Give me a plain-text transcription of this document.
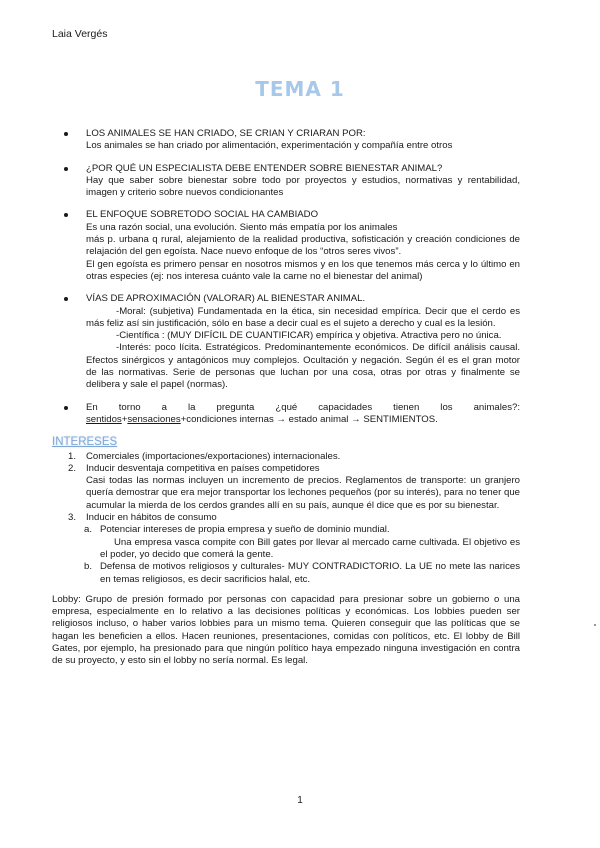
Laia Vergés
TEMA 1
LOS ANIMALES SE HAN CRIADO, SE CRIAN Y CRIARAN POR:
Los animales se han criado por alimentación, experimentación y compañía entre otros
¿POR QUÉ UN ESPECIALISTA DEBE ENTENDER SOBRE BIENESTAR ANIMAL?
Hay que saber sobre bienestar sobre todo por proyectos y estudios, normativas y rentabilidad, imagen y criterio sobre nuevos condicionantes
EL ENFOQUE SOBRETODO SOCIAL HA CAMBIADO
Es una razón social, una evolución. Siento más empatía por los animales
más p. urbana q rural, alejamiento de la realidad productiva, sofisticación y creación condiciones de relajación del gen egoísta. Nace nuevo enfoque de los “otros seres vivos”.
El gen egoísta es primero pensar en nosotros mismos y en los que tenemos más cerca y lo último en otras especies (ej: nos interesa cuánto vale la carne no el bienestar del animal)
VÍAS DE APROXIMACIÓN (VALORAR) AL BIENESTAR ANIMAL.
-Moral: (subjetiva) Fundamentada en la ética, sin necesidad empírica. Decir que el cerdo es más feliz así sin justificación, sólo en base a decir cual es el sujeto a derecho y cual es la lesión.
-Científica : (MUY DIFÍCIL DE CUANTIFICAR) empírica y objetiva. Atractiva pero no única.
-Interés: poco lícita. Estratégicos. Predominantemente económicos. De difícil análisis causal. Efectos sinérgicos y antagónicos muy complejos. Ocultación y negación. Según él es el gran motor de las normativas. Serie de personas que luchan por una cosa, otras por otras y finalmente se delibera y sale el papel (normas).
En torno a la pregunta ¿qué capacidades tienen los animales?:
sentidos+sensaciones+condiciones internas → estado animal → SENTIMIENTOS.
INTERESES
1. Comerciales (importaciones/exportaciones) internacionales.
2. Inducir desventaja competitiva en países competidores
Casi todas las normas incluyen un incremento de precios. Reglamentos de transporte: un granjero quería demostrar que era mejor transportar los lechones pequeños (por su interés), para no tener que acumular la mierda de los cerdos grandes allí en su país, aunque él dice que es por su bienestar.
3. Inducir en hábitos de consumo
a. Potenciar intereses de propia empresa y sueño de dominio mundial.
Una empresa vasca compite con Bill gates por llevar al mercado carne cultivada. El objetivo es el poder, yo decido que comerá la gente.
b. Defensa de motivos religiosos y culturales- MUY CONTRADICTORIO. La UE no mete las narices en temas religiosos, es decir sacrificios halal, etc.
Lobby: Grupo de presión formado por personas con capacidad para presionar sobre un gobierno o una empresa, especialmente en lo relativo a las decisiones políticas y económicas. Los lobbies pueden ser religiosos incluso, o haber varios lobbies para un mismo tema. Quieren conseguir que las políticas que se hagan les beneficien a ellos. Hacen reuniones, presentaciones, comidas con políticos, etc. El lobby de Bill Gates, por ejemplo, ha presionado para que ningún político haya empezado ninguna investigación en contra de su proyecto, y esto sin el lobby no sería normal. Es legal.
1
